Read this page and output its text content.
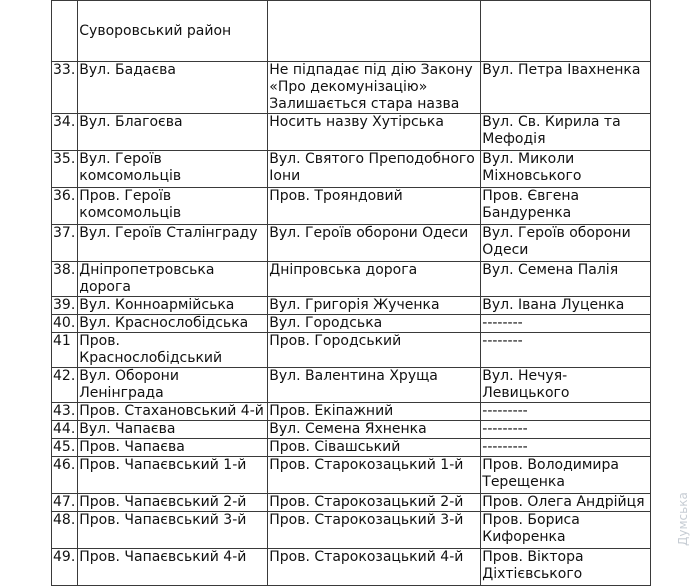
	Суворовський район		
33.	Вул. Бадаєва	Не підпадає під дію Закону «Про декомунізацію» Залишається стара назва	Вул. Петра Івахненка
34.	Вул. Благоєва	Носить назву Хутірська	Вул. Св. Кирила та Мефодія
35.	Вул. Героїв комсомольців	Вул. Святого Преподобного Іони	Вул. Миколи Міхновського
36.	Пров. Героїв комсомольців	Пров. Трояндовий	Пров. Євгена Бандуренка
37.	Вул. Героїв Сталінграду	Вул. Героїв оборони Одеси	Вул. Героїв оборони Одеси
38.	Дніпропетровська дорога	Дніпровська дорога	Вул. Семена Палія
39.	Вул. Конноармійська	Вул. Григорія Жученка	Вул. Івана Луценка
40.	Вул. Краснослобідська	Вул. Городська	--------
41	Пров. Краснослобідський	Пров. Городський	--------
42.	Вул. Оборони Ленінграда	Вул. Валентина Хруща	Вул. Нечуя-Левицького
43.	Пров. Стахановський 4-й	Пров. Екіпажний	---------
44.	Вул. Чапаєва	Вул. Семена Яхненка	---------
45.	Пров. Чапаєва	Пров. Сівашський	---------
46.	Пров. Чапаєвський 1-й	Пров. Старокозацький 1-й	Пров. Володимира Терещенка
47.	Пров. Чапаєвський 2-й	Пров. Старокозацький 2-й	Пров. Олега Андрійця
48.	Пров. Чапаєвський 3-й	Пров. Старокозацький 3-й	Пров. Бориса Кифоренка
49.	Пров. Чапаєвський 4-й	Пров. Старокозацький 4-й	Пров. Віктора Діхтієвського
Думська
